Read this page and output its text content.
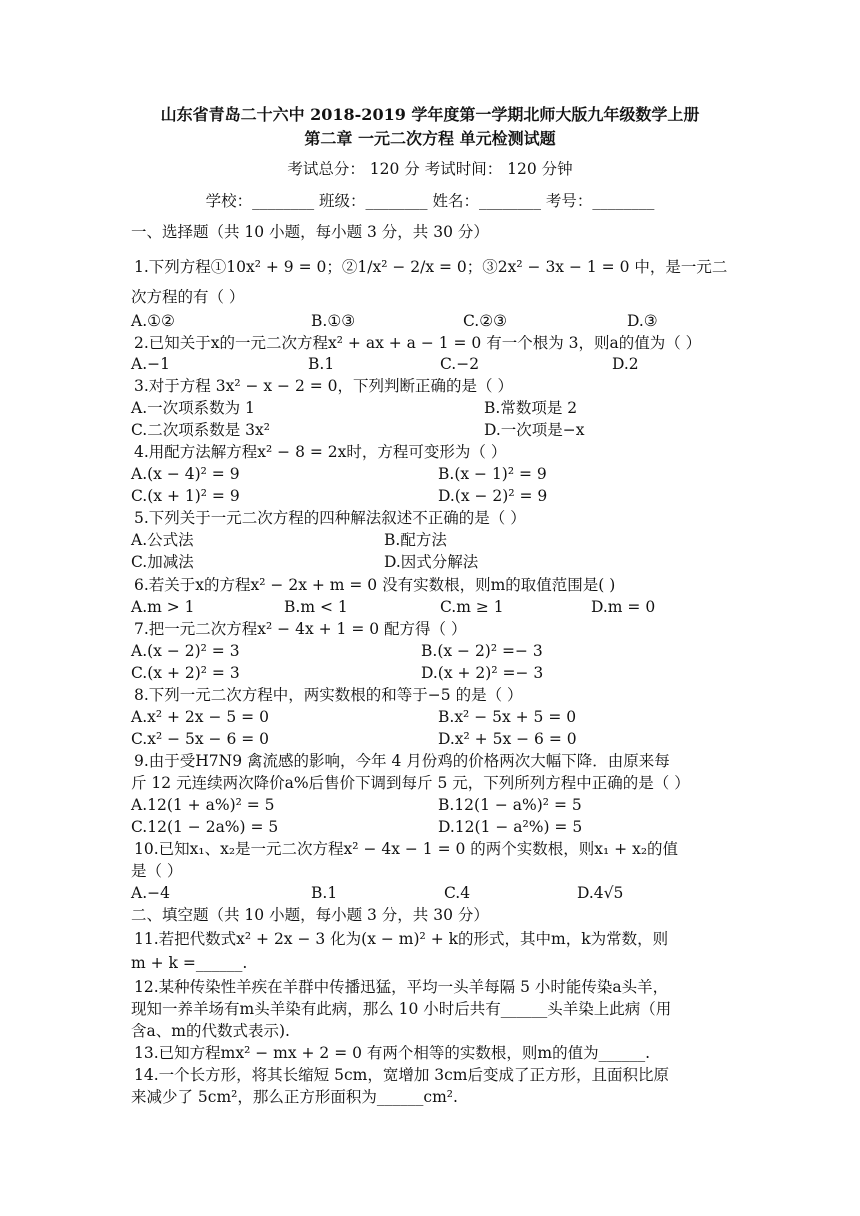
山东省青岛二十六中 2018-2019 学年度第一学期北师大版九年级数学上册
第二章 一元二次方程 单元检测试题
考试总分： 120 分 考试时间： 120 分钟
学校：________ 班级：________ 姓名：________ 考号：________
一、选择题（共 10 小题，每小题 3 分，共 30 分）
1.下列方程①10x² + 9 = 0；②1/x² − 2/x = 0；③2x² − 3x − 1 = 0 中，是一元二
次方程的有（ ）
A.①②	B.①③	C.②③	D.③
2.已知关于x的一元二次方程x² + ax + a − 1 = 0 有一个根为 3，则a的值为（ ）
A.−1	B.1	C.−2	D.2
3.对于方程 3x² − x − 2 = 0，下列判断正确的是（ ）
A.一次项系数为 1	B.常数项是 2
C.二次项系数是 3x²	D.一次项是−x
4.用配方法解方程x² − 8 = 2x时，方程可变形为（ ）
A.(x − 4)² = 9	B.(x − 1)² = 9
C.(x + 1)² = 9	D.(x − 2)² = 9
5.下列关于一元二次方程的四种解法叙述不正确的是（ ）
A.公式法	B.配方法
C.加减法	D.因式分解法
6.若关于x的方程x² − 2x + m = 0 没有实数根，则m的取值范围是( )
A.m > 1	B.m < 1	C.m ≥ 1	D.m = 0
7.把一元二次方程x² − 4x + 1 = 0 配方得（ ）
A.(x − 2)² = 3	B.(x − 2)² =− 3
C.(x + 2)² = 3	D.(x + 2)² =− 3
8.下列一元二次方程中，两实数根的和等于−5 的是（ ）
A.x² + 2x − 5 = 0	B.x² − 5x + 5 = 0
C.x² − 5x − 6 = 0	D.x² + 5x − 6 = 0
9.由于受H7N9 禽流感的影响，今年 4 月份鸡的价格两次大幅下降．由原来每
斤 12 元连续两次降价a%后售价下调到每斤 5 元，下列所列方程中正确的是（ ）
A.12(1 + a%)² = 5	B.12(1 − a%)² = 5
C.12(1 − 2a%) = 5	D.12(1 − a²%) = 5
10.已知x₁、x₂是一元二次方程x² − 4x − 1 = 0 的两个实数根，则x₁ + x₂的值
是（ ）
A.−4	B.1	C.4	D.4√5
二、填空题（共 10 小题，每小题 3 分，共 30 分）
11.若把代数式x² + 2x − 3 化为(x − m)² + k的形式，其中m，k为常数，则
m + k =______.
12.某种传染性羊疾在羊群中传播迅猛，平均一头羊每隔 5 小时能传染a头羊，
现知一养羊场有m头羊染有此病，那么 10 小时后共有______头羊染上此病（用
含a、m的代数式表示).
13.已知方程mx² − mx + 2 = 0 有两个相等的实数根，则m的值为______.
14.一个长方形，将其长缩短 5cm，宽增加 3cm后变成了正方形，且面积比原
来减少了 5cm²，那么正方形面积为______cm².
